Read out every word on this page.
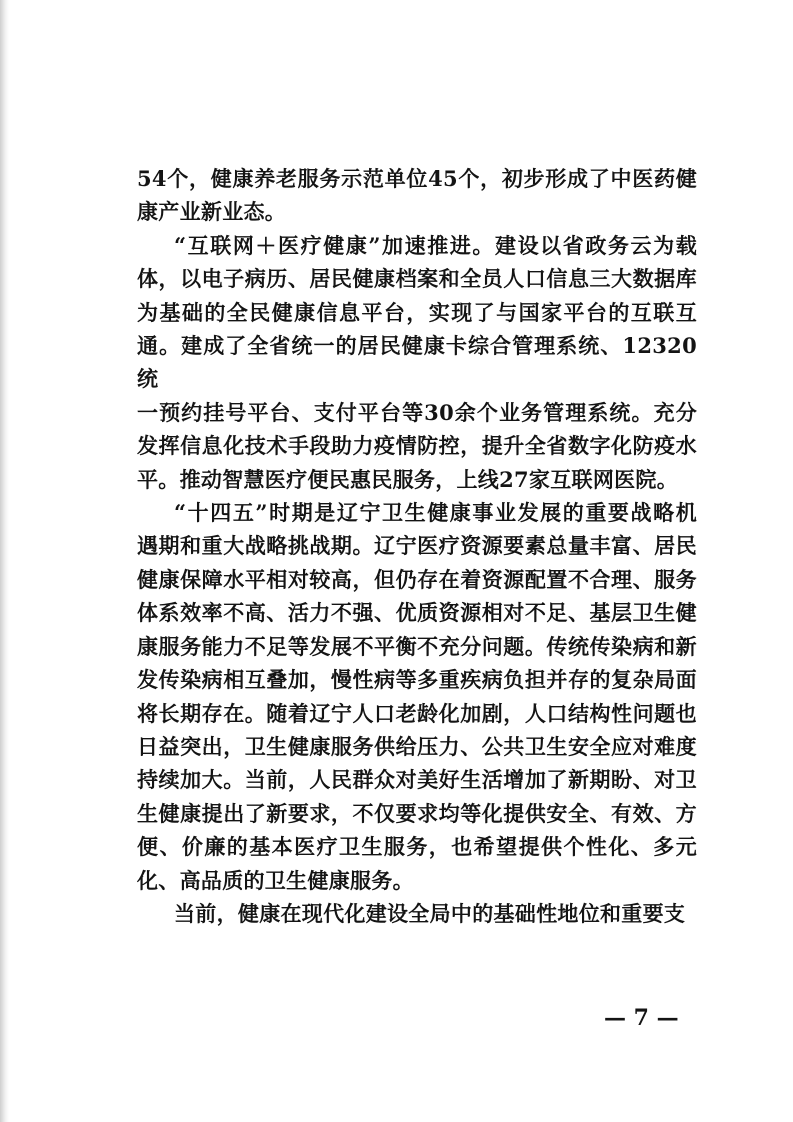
54个，健康养老服务示范单位45个，初步形成了中医药健
康产业新业态。

“互联网＋医疗健康”加速推进。建设以省政务云为载
体，以电子病历、居民健康档案和全员人口信息三大数据库
为基础的全民健康信息平台，实现了与国家平台的互联互
通。建成了全省统一的居民健康卡综合管理系统、12320统
一预约挂号平台、支付平台等30余个业务管理系统。充分
发挥信息化技术手段助力疫情防控，提升全省数字化防疫水
平。推动智慧医疗便民惠民服务，上线27家互联网医院。

“十四五”时期是辽宁卫生健康事业发展的重要战略机
遇期和重大战略挑战期。辽宁医疗资源要素总量丰富、居民
健康保障水平相对较高，但仍存在着资源配置不合理、服务
体系效率不高、活力不强、优质资源相对不足、基层卫生健
康服务能力不足等发展不平衡不充分问题。传统传染病和新
发传染病相互叠加，慢性病等多重疾病负担并存的复杂局面
将长期存在。随着辽宁人口老龄化加剧，人口结构性问题也
日益突出，卫生健康服务供给压力、公共卫生安全应对难度
持续加大。当前，人民群众对美好生活增加了新期盼、对卫
生健康提出了新要求，不仅要求均等化提供安全、有效、方
便、价廉的基本医疗卫生服务，也希望提供个性化、多元
化、高品质的卫生健康服务。

当前，健康在现代化建设全局中的基础性地位和重要支

— 7 —
